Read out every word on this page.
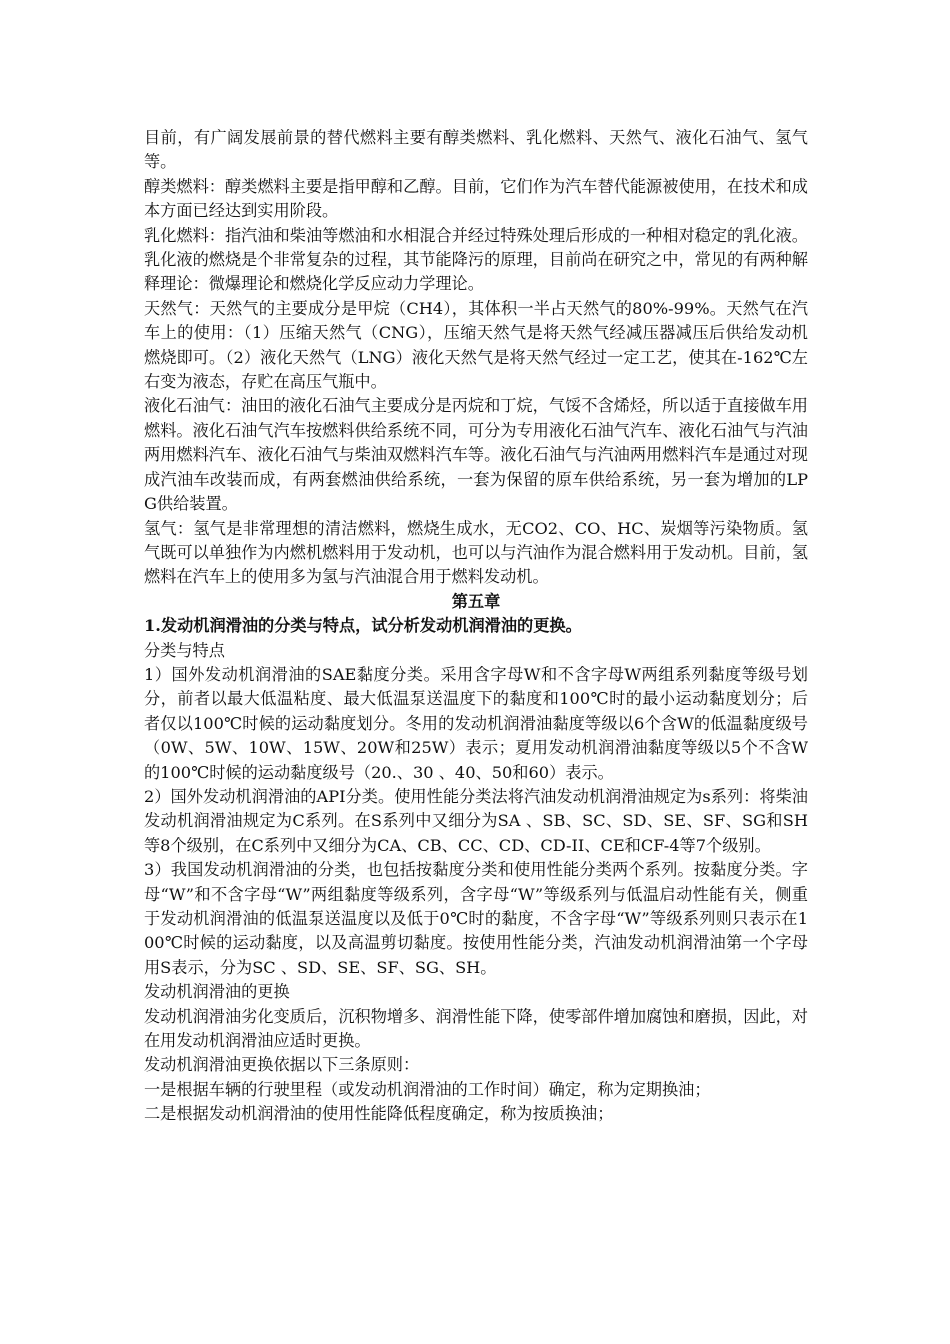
目前，有广阔发展前景的替代燃料主要有醇类燃料、乳化燃料、天然气、液化石油气、氢气等。

醇类燃料：醇类燃料主要是指甲醇和乙醇。目前，它们作为汽车替代能源被使用，在技术和成本方面已经达到实用阶段。

乳化燃料：指汽油和柴油等燃油和水相混合并经过特殊处理后形成的一种相对稳定的乳化液。乳化液的燃烧是个非常复杂的过程，其节能降污的原理，目前尚在研究之中，常见的有两种解释理论：微爆理论和燃烧化学反应动力学理论。

天然气：天然气的主要成分是甲烷（CH4），其体积一半占天然气的80%-99%。天然气在汽车上的使用：（1）压缩天然气（CNG），压缩天然气是将天然气经减压器减压后供给发动机燃烧即可。（2）液化天然气（LNG）液化天然气是将天然气经过一定工艺，使其在-162℃左右变为液态，存贮在高压气瓶中。

液化石油气：油田的液化石油气主要成分是丙烷和丁烷，气馁不含烯烃，所以适于直接做车用燃料。液化石油气汽车按燃料供给系统不同，可分为专用液化石油气汽车、液化石油气与汽油两用燃料汽车、液化石油气与柴油双燃料汽车等。液化石油气与汽油两用燃料汽车是通过对现成汽油车改装而成，有两套燃油供给系统，一套为保留的原车供给系统，另一套为增加的LPG供给装置。

氢气：氢气是非常理想的清洁燃料，燃烧生成水，无CO2、CO、HC、炭烟等污染物质。氢气既可以单独作为内燃机燃料用于发动机，也可以与汽油作为混合燃料用于发动机。目前，氢燃料在汽车上的使用多为氢与汽油混合用于燃料发动机。

第五章

1.发动机润滑油的分类与特点，试分析发动机润滑油的更换。

分类与特点

1）国外发动机润滑油的SAE黏度分类。采用含字母W和不含字母W两组系列黏度等级号划分，前者以最大低温粘度、最大低温泵送温度下的黏度和100℃时的最小运动黏度划分；后者仅以100℃时候的运动黏度划分。冬用的发动机润滑油黏度等级以6个含W的低温黏度级号（0W、5W、10W、15W、20W和25W）表示；夏用发动机润滑油黏度等级以5个不含W的100℃时候的运动黏度级号（20.、30 、40、50和60）表示。

2）国外发动机润滑油的API分类。使用性能分类法将汽油发动机润滑油规定为s系列：将柴油发动机润滑油规定为C系列。在S系列中又细分为SA 、SB、SC、SD、SE、SF、SG和SH等8个级别，在C系列中又细分为CA、CB、CC、CD、CD-II、CE和CF-4等7个级别。

3）我国发动机润滑油的分类，也包括按黏度分类和使用性能分类两个系列。按黏度分类。字母“W”和不含字母“W”两组黏度等级系列，含字母“W”等级系列与低温启动性能有关，侧重于发动机润滑油的低温泵送温度以及低于0℃时的黏度，不含字母“W”等级系列则只表示在100℃时候的运动黏度，以及高温剪切黏度。按使用性能分类，汽油发动机润滑油第一个字母用S表示，分为SC 、SD、SE、SF、SG、SH。

发动机润滑油的更换

发动机润滑油劣化变质后，沉积物增多、润滑性能下降，使零部件增加腐蚀和磨损，因此，对在用发动机润滑油应适时更换。

发动机润滑油更换依据以下三条原则：

一是根据车辆的行驶里程（或发动机润滑油的工作时间）确定，称为定期换油；

二是根据发动机润滑油的使用性能降低程度确定，称为按质换油；
